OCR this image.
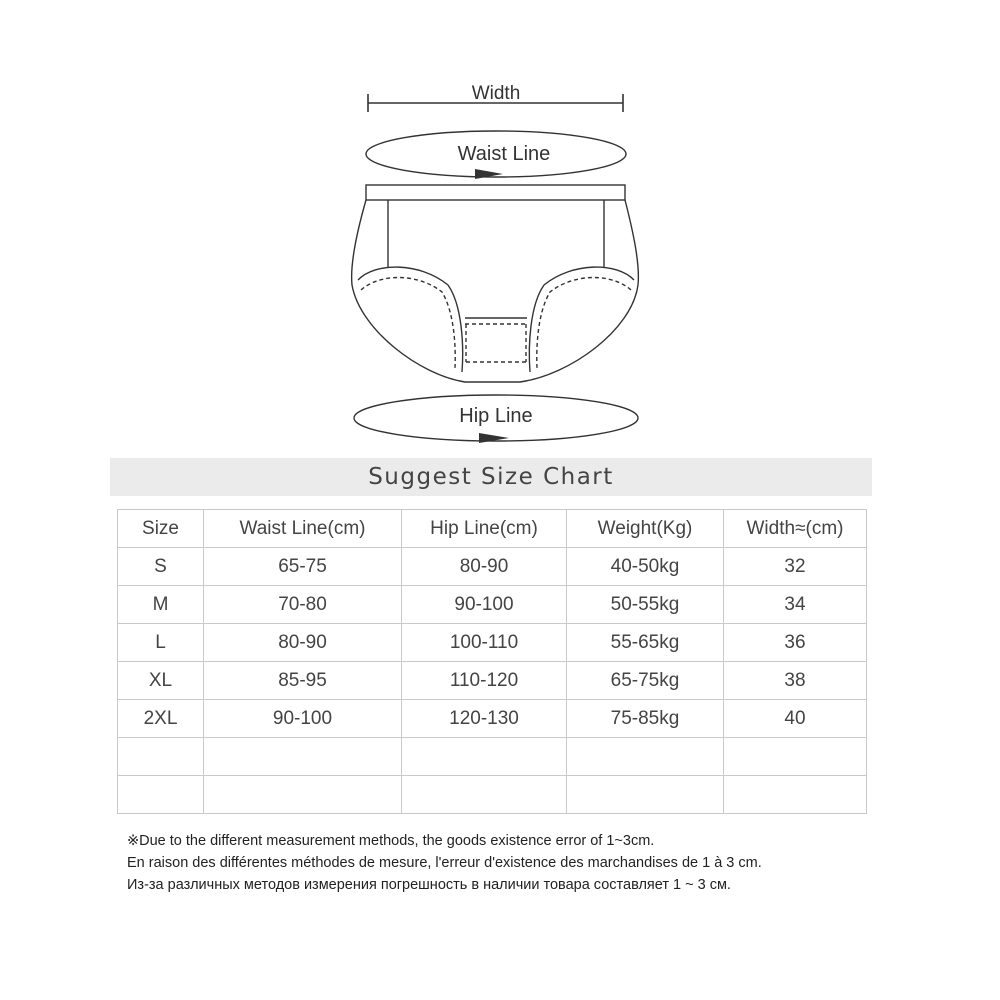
Width
Waist Line
Hip Line
Suggest Size Chart
Size	Waist Line(cm)	Hip Line(cm)	Weight(Kg)	Width≈(cm)
S	65-75	80-90	40-50kg	32
M	70-80	90-100	50-55kg	34
L	80-90	100-110	55-65kg	36
XL	85-95	110-120	65-75kg	38
2XL	90-100	120-130	75-85kg	40

※Due to the different measurement methods, the goods existence error of 1~3cm.
En raison des différentes méthodes de mesure, l'erreur d'existence des marchandises de 1 à 3 cm.
Из-за различных методов измерения погрешность в наличии товара составляет 1 ~ 3 см.
